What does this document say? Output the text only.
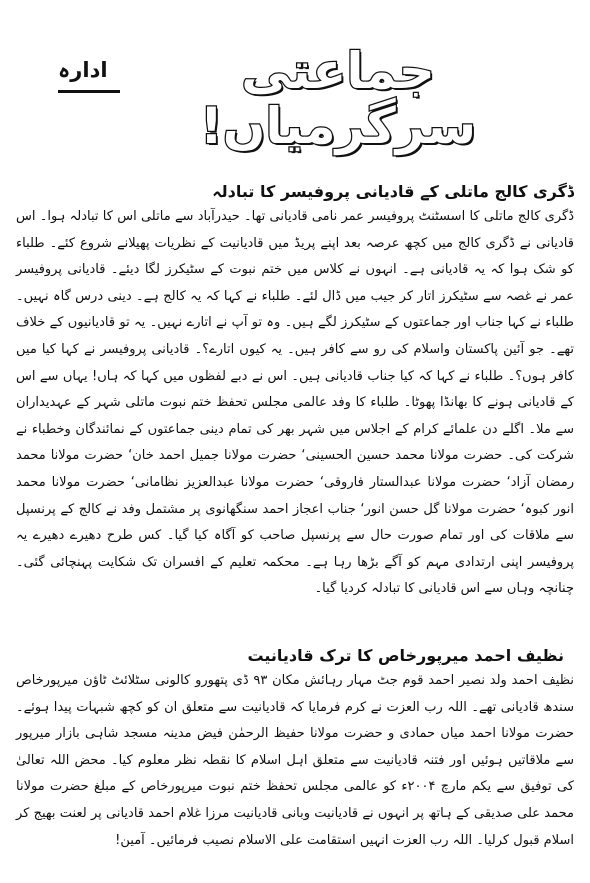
جماعتی سرگرمیاں!
ادارہ
ڈگری کالج ماتلی کے قادیانی پروفیسر کا تبادلہ

ڈگری کالج ماتلی کا اسسٹنٹ پروفیسر عمر نامی قادیانی تھا۔ حیدرآباد سے ماتلی اس کا تبادلہ ہوا۔ اس قادیانی نے ڈگری کالج میں کچھ عرصہ بعد اپنے پریڈ میں قادیانیت کے نظریات پھیلانے شروع کئے۔ طلباء کو شک ہوا کہ یہ قادیانی ہے۔ انہوں نے کلاس میں ختم نبوت کے سٹیکرز لگا دیئے۔ قادیانی پروفیسر عمر نے غصہ سے سٹیکرز اتار کر جیب میں ڈال لئے۔ طلباء نے کہا کہ یہ کالج ہے۔ دینی درس گاہ نہیں۔ طلباء نے کہا جناب اور جماعتوں کے سٹیکرز لگے ہیں۔ وہ تو آپ نے اتارے نہیں۔ یہ تو قادیانیوں کے خلاف تھے۔ جو آئین پاکستان واسلام کی رو سے کافر ہیں۔ یہ کیوں اتارے؟۔ قادیانی پروفیسر نے کہا کیا میں کافر ہوں؟۔ طلباء نے کہا کہ کیا جناب قادیانی ہیں۔ اس نے دبے لفظوں میں کہا کہ ہاں! یہاں سے اس کے قادیانی ہونے کا بھانڈا پھوٹا۔ طلباء کا وفد عالمی مجلس تحفظ ختم نبوت ماتلی شہر کے عہدیداران سے ملا۔ اگلے دن علمائے کرام کے اجلاس میں شہر بھر کی تمام دینی جماعتوں کے نمائندگان وخطباء نے شرکت کی۔ حضرت مولانا محمد حسین الحسینی‘ حضرت مولانا جمیل احمد خان‘ حضرت مولانا محمد رمضان آزاد‘ حضرت مولانا عبدالستار فاروقی‘ حضرت مولانا عبدالعزیز نظامانی‘ حضرت مولانا محمد انور کبوہ‘ حضرت مولانا گل حسن انور‘ جناب اعجاز احمد سنگھانوی پر مشتمل وفد نے کالج کے پرنسپل سے ملاقات کی اور تمام صورت حال سے پرنسپل صاحب کو آگاہ کیا گیا۔ کس طرح دھیرے دھیرے یہ پروفیسر اپنی ارتدادی مہم کو آگے بڑھا رہا ہے۔ محکمہ تعلیم کے افسران تک شکایت پہنچائی گئی۔ چنانچہ وہاں سے اس قادیانی کا تبادلہ کردیا گیا۔

نظیف احمد میرپورخاص کا ترک قادیانیت

نظیف احمد ولد نصیر احمد قوم جٹ مہار رہائش مکان ۹۳ ڈی پتھورو کالونی سٹلائٹ ٹاؤن میرپورخاص سندھ قادیانی تھے۔ اللہ رب العزت نے کرم فرمایا کہ قادیانیت سے متعلق ان کو کچھ شبہات پیدا ہوئے۔ حضرت مولانا احمد میاں حمادی و حضرت مولانا حفیظ الرحمٰن فیض مدینہ مسجد شاہی بازار میرپور سے ملاقاتیں ہوئیں اور فتنہ قادیانیت سے متعلق اہل اسلام کا نقطہ نظر معلوم کیا۔ محض اللہ تعالیٰ کی توفیق سے یکم مارچ ۲۰۰۴ء کو عالمی مجلس تحفظ ختم نبوت میرپورخاص کے مبلغ حضرت مولانا محمد علی صدیقی کے ہاتھ پر انہوں نے قادیانیت وبانی قادیانیت مرزا غلام احمد قادیانی پر لعنت بھیج کر اسلام قبول کرلیا۔ اللہ رب العزت انہیں استقامت علی الاسلام نصیب فرمائیں۔ آمین!
